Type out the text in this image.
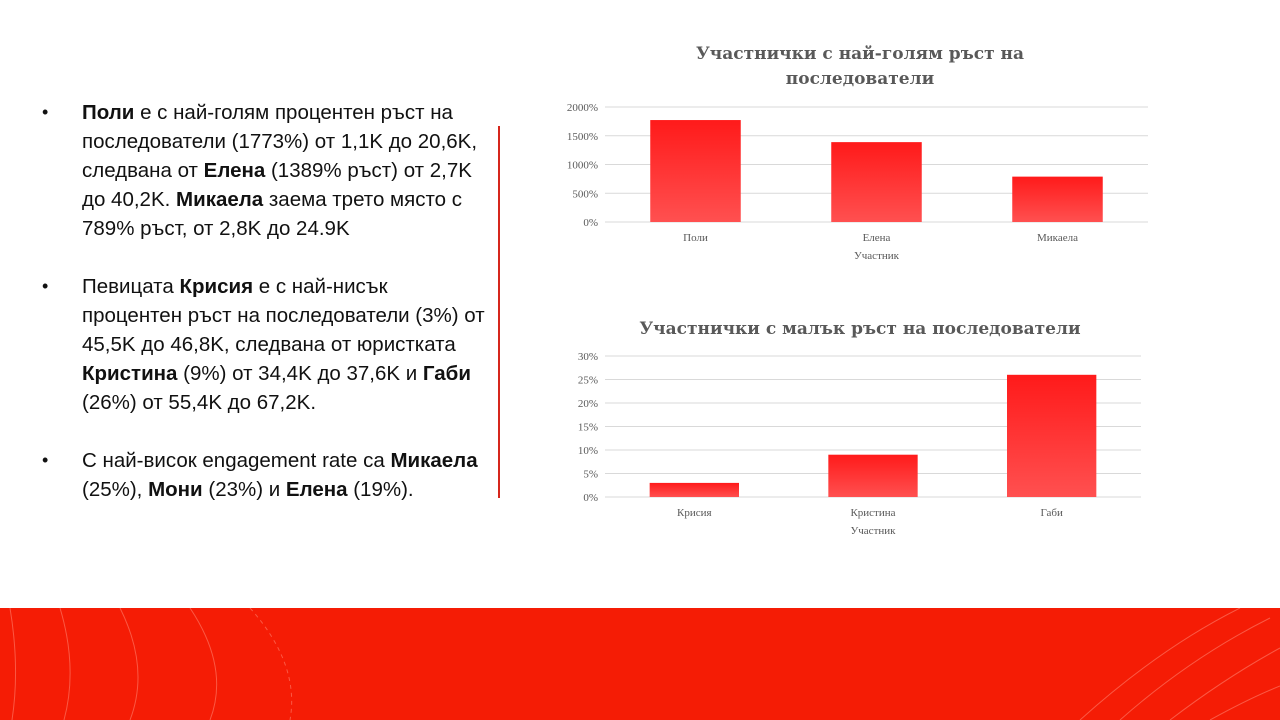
• Поли е с най-голям процентен ръст на последователи (1773%) от 1,1K до 20,6K, следвана от Елена (1389% ръст) от 2,7K до 40,2K. Микаела заема трето място с 789% ръст, от 2,8K до 24.9K
• Певицата Крисия е с най-нисък процентен ръст на последователи (3%) от 45,5K до 46,8K, следвана от юристката Кристина (9%) от 34,4K до 37,6K и Габи (26%) от 55,4K до 67,2K.
• С най-висок engagement rate са Микаела (25%), Мони (23%) и Елена (19%).
Участнички с най-голям ръст на
последователи
0%
500%
1000%
1500%
2000%
Поли	Елена	Микаела
Участник
Участнички с малък ръст на последователи
0%
5%
10%
15%
20%
25%
30%
Крисия	Кристина	Габи
Участник
